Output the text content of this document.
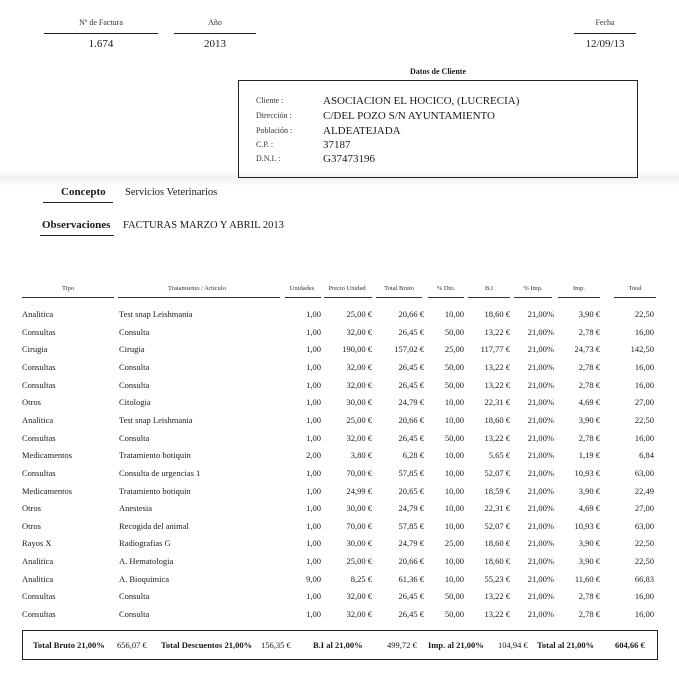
Nº de Factura
1.674
Año
2013
Fecha
12/09/13
Datos de Cliente
Cliente :	ASOCIACION EL HOCICO, (LUCRECIA)
Dirección :	C/DEL POZO S/N AYUNTAMIENTO
Población :	ALDEATEJADA
C.P. :	37187
D.N.I. :	G37473196
Concepto Servicios Veterinarios
Observaciones FACTURAS MARZO Y ABRIL 2013
Tipo	Tratamiento / Articulo	Unidades	Precio Unidad	Total Bruto	% Dto.	B.I	% Imp.	Imp.	Total
Analitica	Test snap Leishmania	1,00	25,00 €	20,66 €	10,00	18,60 €	21,00%	3,90 €	22,50
Consultas	Consulta	1,00	32,00 €	26,45 €	50,00	13,22 €	21,00%	2,78 €	16,00
Cirugia	Cirugia	1,00	190,00 €	157,02 €	25,00	117,77 €	21,00%	24,73 €	142,50
Consultas	Consulta	1,00	32,00 €	26,45 €	50,00	13,22 €	21,00%	2,78 €	16,00
Consultas	Consulta	1,00	32,00 €	26,45 €	50,00	13,22 €	21,00%	2,78 €	16,00
Otros	Citologia	1,00	30,00 €	24,79 €	10,00	22,31 €	21,00%	4,69 €	27,00
Analitica	Test snap Leishmania	1,00	25,00 €	20,66 €	10,00	18,60 €	21,00%	3,90 €	22,50
Consultas	Consulta	1,00	32,00 €	26,45 €	50,00	13,22 €	21,00%	2,78 €	16,00
Medicamentos	Tratamiento botiquin	2,00	3,80 €	6,28 €	10,00	5,65 €	21,00%	1,19 €	6,84
Consultas	Consulta de urgencias 1	1,00	70,00 €	57,85 €	10,00	52,07 €	21,00%	10,93 €	63,00
Medicamentos	Tratamiento botiquin	1,00	24,99 €	20,65 €	10,00	18,59 €	21,00%	3,90 €	22,49
Otros	Anestesia	1,00	30,00 €	24,79 €	10,00	22,31 €	21,00%	4,69 €	27,00
Otros	Recogida del animal	1,00	70,00 €	57,85 €	10,00	52,07 €	21,00%	10,93 €	63,00
Rayos X	Radiografias G	1,00	30,00 €	24,79 €	25,00	18,60 €	21,00%	3,90 €	22,50
Analitica	A. Hematologia	1,00	25,00 €	20,66 €	10,00	18,60 €	21,00%	3,90 €	22,50
Analitica	A. Bioquimica	9,00	8,25 €	61,36 €	10,00	55,23 €	21,00%	11,60 €	66,83
Consultas	Consulta	1,00	32,00 €	26,45 €	50,00	13,22 €	21,00%	2,78 €	16,00
Consultas	Consulta	1,00	32,00 €	26,45 €	50,00	13,22 €	21,00%	2,78 €	16,00
Total Bruto 21,00% 656,07 € Total Descuentos 21,00% 156,35 €	B.I al 21,00%	499,72 € Imp. al 21,00% 104,94 € Total al 21,00% 604,66 €
